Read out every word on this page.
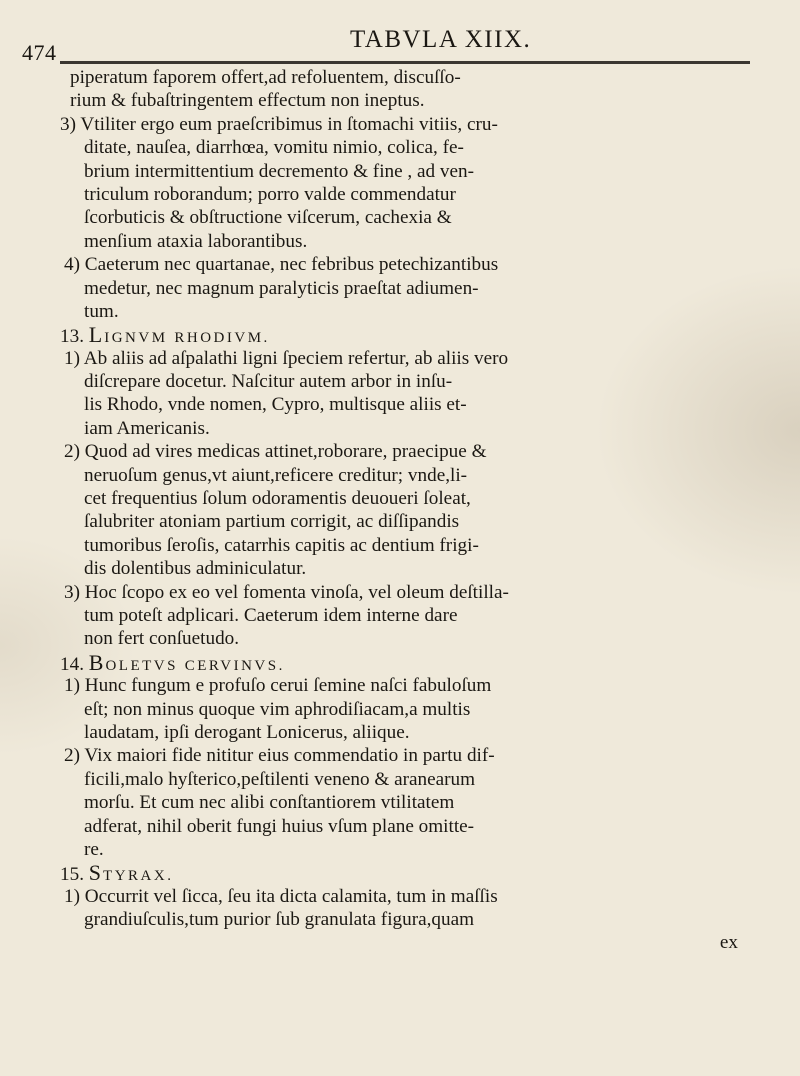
474	TABVLA XIIX.
piperatum faporem offert,ad refoluentem, discuſſo-
rium & fubaſtringentem effectum non ineptus.
3) Vtiliter ergo eum praeſcribimus in ſtomachi vitiis, cru-
ditate, nauſea, diarrhœa, vomitu nimio, colica, fe-
brium intermittentium decremento & fine , ad ven-
triculum roborandum; porro valde commendatur
ſcorbuticis & obſtructione viſcerum, cachexia &
menſium ataxia laborantibus.
4) Caeterum nec quartanae, nec febribus petechizantibus
medetur, nec magnum paralyticis praeſtat adiumen-
tum.
13. LIGNVM RHODIVM.
1) Ab aliis ad aſpalathi ligni ſpeciem refertur, ab aliis vero
diſcrepare docetur. Naſcitur autem arbor in inſu-
lis Rhodo, vnde nomen, Cypro, multisque aliis et-
iam Americanis.
2) Quod ad vires medicas attinet,roborare, praecipue &
neruoſum genus,vt aiunt,reficere creditur; vnde,li-
cet frequentius ſolum odoramentis deuoueri ſoleat,
ſalubriter atoniam partium corrigit, ac diſſipandis
tumoribus ſeroſis, catarrhis capitis ac dentium frigi-
dis dolentibus adminiculatur.
3) Hoc ſcopo ex eo vel fomenta vinoſa, vel oleum deſtilla-
tum poteſt adplicari. Caeterum idem interne dare
non fert conſuetudo.
14. BOLETVS CERVINVS.
1) Hunc fungum e profuſo cerui ſemine naſci fabuloſum
eſt; non minus quoque vim aphrodiſiacam,a multis
laudatam, ipſi derogant Lonicerus, aliique.
2) Vix maiori fide nititur eius commendatio in partu dif-
ficili,malo hyſterico,peſtilenti veneno & aranearum
morſu. Et cum nec alibi conſtantiorem vtilitatem
adferat, nihil oberit fungi huius vſum plane omitte-
re.
15. STYRAX.
1) Occurrit vel ſicca, ſeu ita dicta calamita, tum in maſſis
grandiuſculis,tum purior ſub granulata figura,quam
ex
